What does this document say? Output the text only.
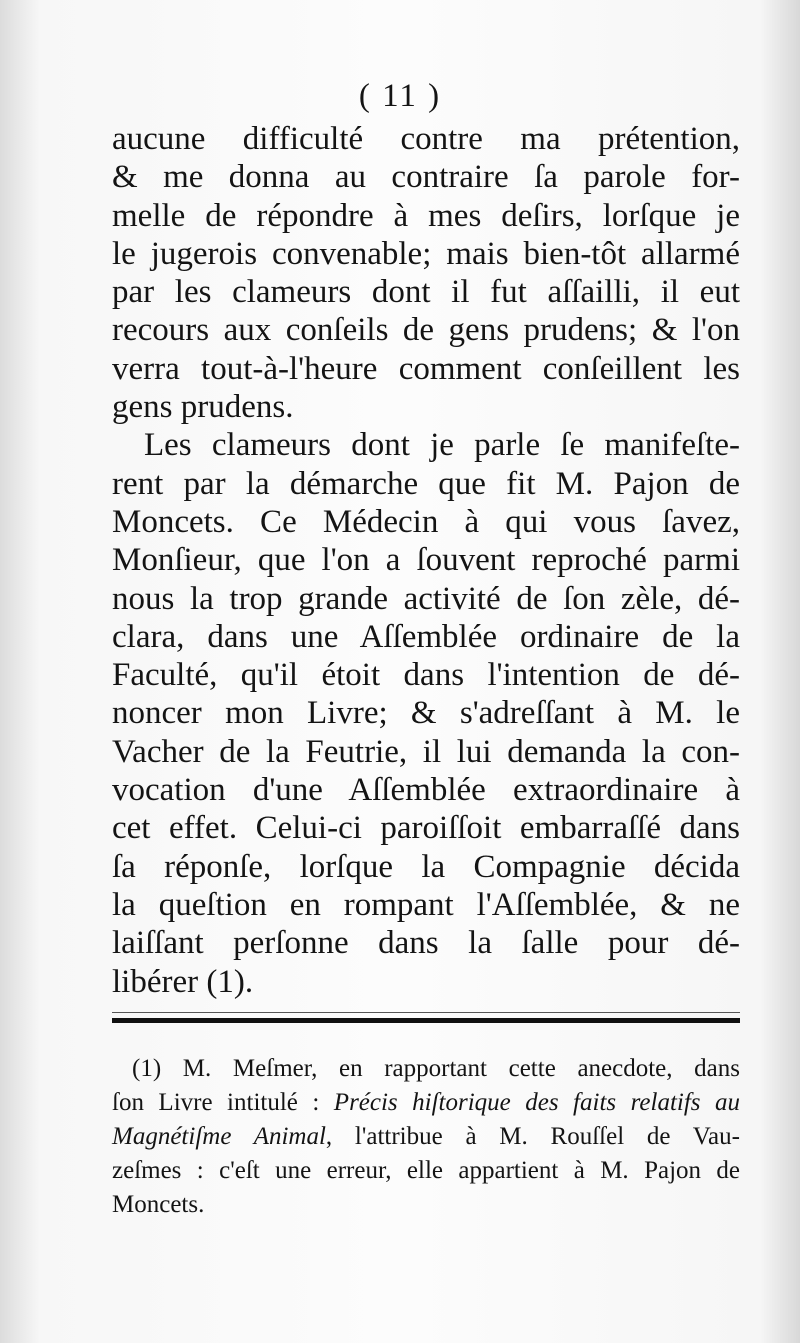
( 11 )
aucune difficulté contre ma prétention,
& me donna au contraire ſa parole for-
melle de répondre à mes deſirs, lorſque je
le jugerois convenable; mais bien-tôt allarmé
par les clameurs dont il fut aſſailli, il eut
recours aux conſeils de gens prudens; & l'on
verra tout-à-l'heure comment conſeillent les
gens prudens.
Les clameurs dont je parle ſe manifeſte-
rent par la démarche que fit M. Pajon de
Moncets. Ce Médecin à qui vous ſavez,
Monſieur, que l'on a ſouvent reproché parmi
nous la trop grande activité de ſon zèle, dé-
clara, dans une Aſſemblée ordinaire de la
Faculté, qu'il étoit dans l'intention de dé-
noncer mon Livre; & s'adreſſant à M. le
Vacher de la Feutrie, il lui demanda la con-
vocation d'une Aſſemblée extraordinaire à
cet effet. Celui-ci paroiſſoit embarraſſé dans
ſa réponſe, lorſque la Compagnie décida
la queſtion en rompant l'Aſſemblée, & ne
laiſſant perſonne dans la ſalle pour dé-
libérer (1).
(1) M. Meſmer, en rapportant cette anecdote, dans
ſon Livre intitulé : Précis hiſtorique des faits relatifs au
Magnétiſme Animal, l'attribue à M. Rouſſel de Vau-
zeſmes : c'eſt une erreur, elle appartient à M. Pajon de
Moncets.
